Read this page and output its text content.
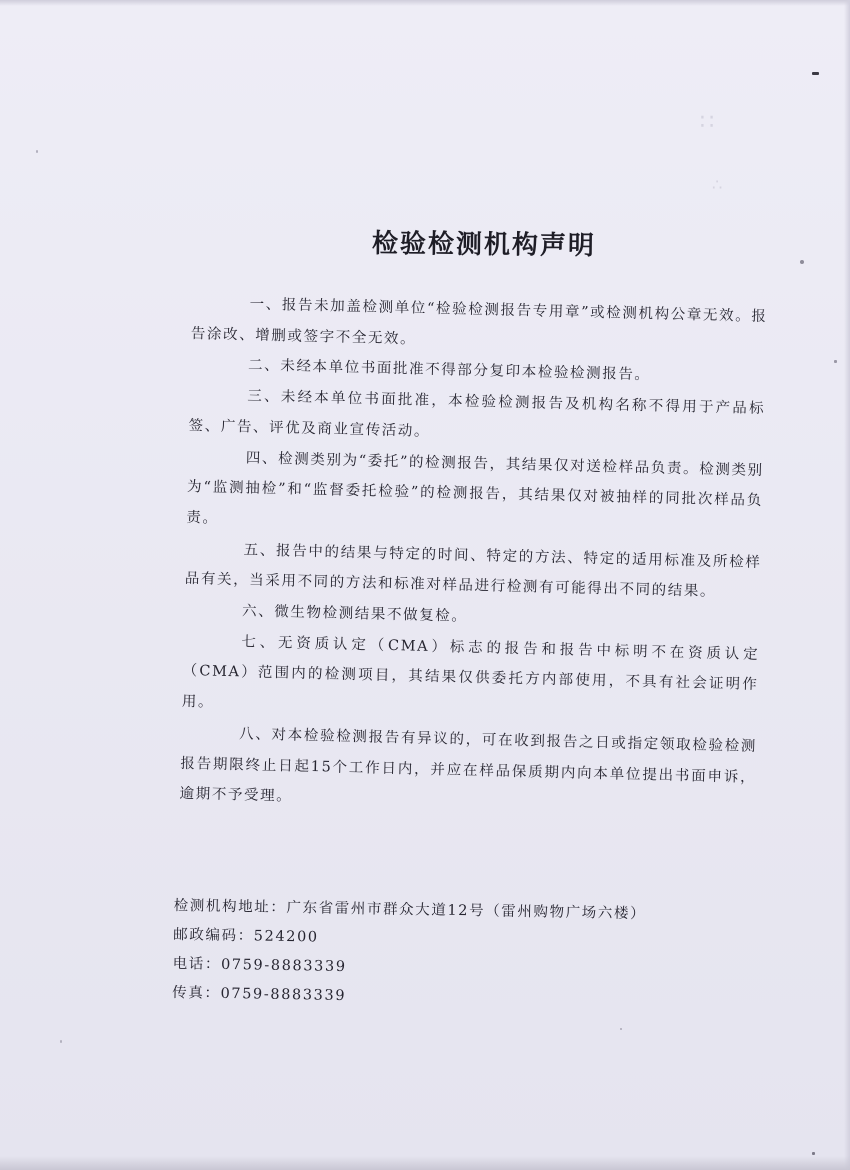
∷
∴
检验检测机构声明

一、报告未加盖检测单位“检验检测报告专用章”或检测机构公章无效。报告涂改、增删或签字不全无效。

二、未经本单位书面批准不得部分复印本检验检测报告。

三、未经本单位书面批准，本检验检测报告及机构名称不得用于产品标签、广告、评优及商业宣传活动。

四、检测类别为“委托”的检测报告，其结果仅对送检样品负责。检测类别为“监测抽检”和“监督委托检验”的检测报告，其结果仅对被抽样的同批次样品负责。

五、报告中的结果与特定的时间、特定的方法、特定的适用标准及所检样品有关，当采用不同的方法和标准对样品进行检测有可能得出不同的结果。

六、微生物检测结果不做复检。

七、无资质认定（CMA）标志的报告和报告中标明不在资质认定（CMA）范围内的检测项目，其结果仅供委托方内部使用，不具有社会证明作用。

八、对本检验检测报告有异议的，可在收到报告之日或指定领取检验检测报告期限终止日起15个工作日内，并应在样品保质期内向本单位提出书面申诉，逾期不予受理。

检测机构地址：广东省雷州市群众大道12号（雷州购物广场六楼）
邮政编码：524200
电话：0759-8883339
传真：0759-8883339
